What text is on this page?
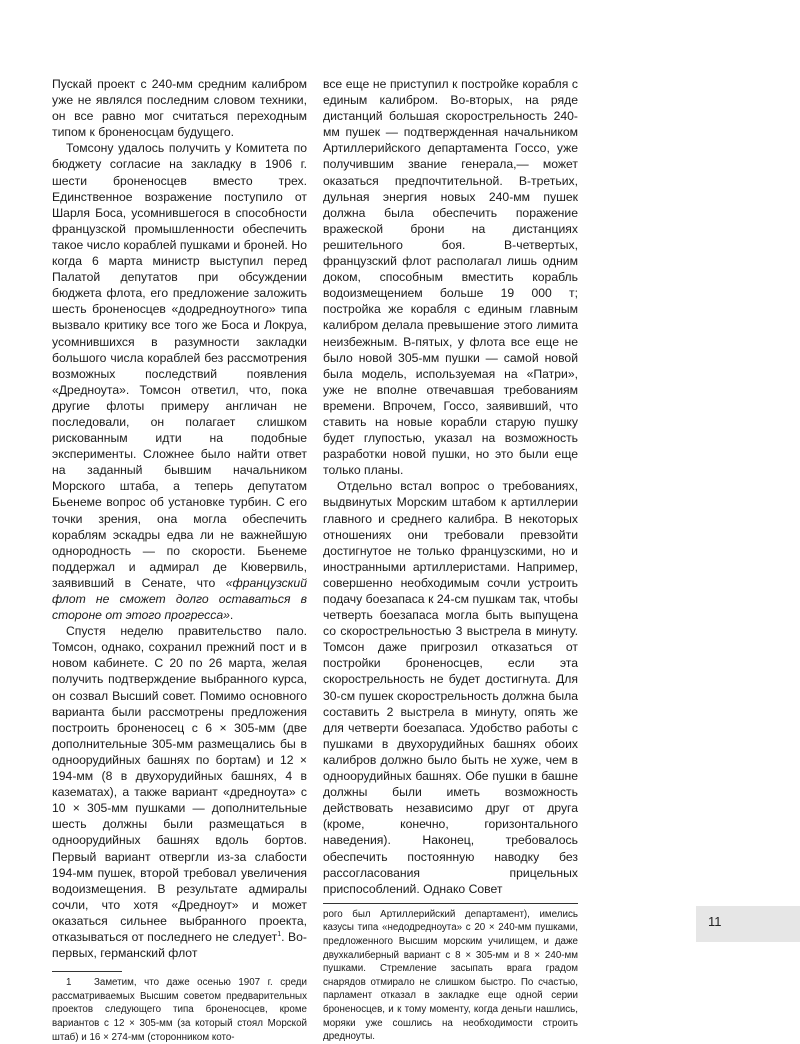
Пускай проект с 240-мм средним калибром уже не являлся последним словом техники, он все равно мог считаться переходным типом к броненосцам будущего.

Томсону удалось получить у Комитета по бюджету согласие на закладку в 1906 г. шести броненосцев вместо трех. Единственное возражение поступило от Шарля Боса, усомнившегося в способности французской промышленности обеспечить такое число кораблей пушками и броней. Но когда 6 марта министр выступил перед Палатой депутатов при обсуждении бюджета флота, его предложение заложить шесть броненосцев «додредноутного» типа вызвало критику все того же Боса и Локруа, усомнившихся в разумности закладки большого числа кораблей без рассмотрения возможных последствий появления «Дредноута». Томсон ответил, что, пока другие флоты примеру англичан не последовали, он полагает слишком рискованным идти на подобные эксперименты. Сложнее было найти ответ на заданный бывшим начальником Морского штаба, а теперь депутатом Бьенеме вопрос об установке турбин. С его точки зрения, она могла обеспечить кораблям эскадры едва ли не важнейшую однородность — по скорости. Бьенеме поддержал и адмирал де Кювервиль, заявивший в Сенате, что «французский флот не сможет долго оставаться в стороне от этого прогресса».

Спустя неделю правительство пало. Томсон, однако, сохранил прежний пост и в новом кабинете. С 20 по 26 марта, желая получить подтверждение выбранного курса, он созвал Высший совет. Помимо основного варианта были рассмотрены предложения построить броненосец с 6 × 305-мм (две дополнительные 305-мм размещались бы в одноорудийных башнях по бортам) и 12 × 194-мм (8 в двухорудийных башнях, 4 в казематах), а также вариант «дредноута» с 10 × 305-мм пушками — дополнительные шесть должны были размещаться в одноорудийных башнях вдоль бортов. Первый вариант отвергли из-за слабости 194-мм пушек, второй требовал увеличения водоизмещения. В результате адмиралы сочли, что хотя «Дредноут» и может оказаться сильнее выбранного проекта, отказываться от последнего не следует$^1$. Во-первых, германский флот

1 Заметим, что даже осенью 1907 г. среди рассматриваемых Высшим советом предварительных проектов следующего типа броненосцев, кроме вариантов с 12 × 305-мм (за который стоял Морской штаб) и 16 × 274-мм (сторонником кото-

все еще не приступил к постройке корабля с единым калибром. Во-вторых, на ряде дистанций большая скорострельность 240-мм пушек — подтвержденная начальником Артиллерийского департамента Госсо, уже получившим звание генерала,— может оказаться предпочтительной. В-третьих, дульная энергия новых 240-мм пушек должна была обеспечить поражение вражеской брони на дистанциях решительного боя. В-четвертых, французский флот располагал лишь одним доком, способным вместить корабль водоизмещением больше 19 000 т; постройка же корабля с единым главным калибром делала превышение этого лимита неизбежным. В-пятых, у флота все еще не было новой 305-мм пушки — самой новой была модель, используемая на «Патри», уже не вполне отвечавшая требованиям времени. Впрочем, Госсо, заявивший, что ставить на новые корабли старую пушку будет глупостью, указал на возможность разработки новой пушки, но это были еще только планы.

Отдельно встал вопрос о требованиях, выдвинутых Морским штабом к артиллерии главного и среднего калибра. В некоторых отношениях они требовали превзойти достигнутое не только французскими, но и иностранными артиллеристами. Например, совершенно необходимым сочли устроить подачу боезапаса к 24-см пушкам так, чтобы четверть боезапаса могла быть выпущена со скорострельностью 3 выстрела в минуту. Томсон даже пригрозил отказаться от постройки броненосцев, если эта скорострельность не будет достигнута. Для 30-см пушек скорострельность должна была составить 2 выстрела в минуту, опять же для четверти боезапаса. Удобство работы с пушками в двухорудийных башнях обоих калибров должно было быть не хуже, чем в одноорудийных башнях. Обе пушки в башне должны были иметь возможность действовать независимо друг от друга (кроме, конечно, горизонтального наведения). Наконец, требовалось обеспечить постоянную наводку без рассогласования прицельных приспособлений. Однако Совет

рого был Артиллерийский департамент), имелись казусы типа «недодредноута» с 20 × 240-мм пушками, предложенного Высшим морским училищем, и даже двухкалиберный вариант с 8 × 305-мм и 8 × 240-мм пушками. Стремление засыпать врага градом снарядов отмирало не слишком быстро. По счастью, парламент отказал в закладке еще одной серии броненосцев, и к тому моменту, когда деньги нашлись, моряки уже сошлись на необходимости строить дредноуты.

11
